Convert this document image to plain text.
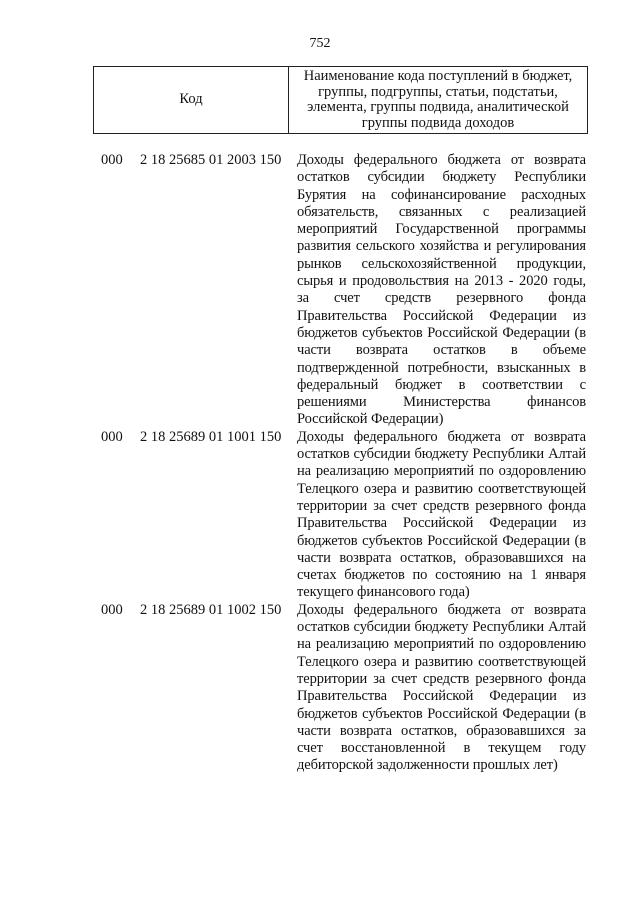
752
Код	Наименование кода поступлений в бюджет, группы, подгруппы, статьи, подстатьи, элемента, группы подвида, аналитической группы подвида доходов
000 2 18 25685 01 2003 150 Доходы федерального бюджета от возврата остатков субсидии бюджету Республики Бурятия на софинансирование расходных обязательств, связанных с реализацией мероприятий Государственной программы развития сельского хозяйства и регулирования рынков сельскохозяйственной продукции, сырья и продовольствия на 2013 - 2020 годы, за счет средств резервного фонда Правительства Российской Федерации из бюджетов субъектов Российской Федерации (в части возврата остатков в объеме подтвержденной потребности, взысканных в федеральный бюджет в соответствии с решениями Министерства финансов Российской Федерации)
000 2 18 25689 01 1001 150 Доходы федерального бюджета от возврата остатков субсидии бюджету Республики Алтай на реализацию мероприятий по оздоровлению Телецкого озера и развитию соответствующей территории за счет средств резервного фонда Правительства Российской Федерации из бюджетов субъектов Российской Федерации (в части возврата остатков, образовавшихся на счетах бюджетов по состоянию на 1 января текущего финансового года)
000 2 18 25689 01 1002 150 Доходы федерального бюджета от возврата остатков субсидии бюджету Республики Алтай на реализацию мероприятий по оздоровлению Телецкого озера и развитию соответствующей территории за счет средств резервного фонда Правительства Российской Федерации из бюджетов субъектов Российской Федерации (в части возврата остатков, образовавшихся за счет восстановленной в текущем году дебиторской задолженности прошлых лет)
